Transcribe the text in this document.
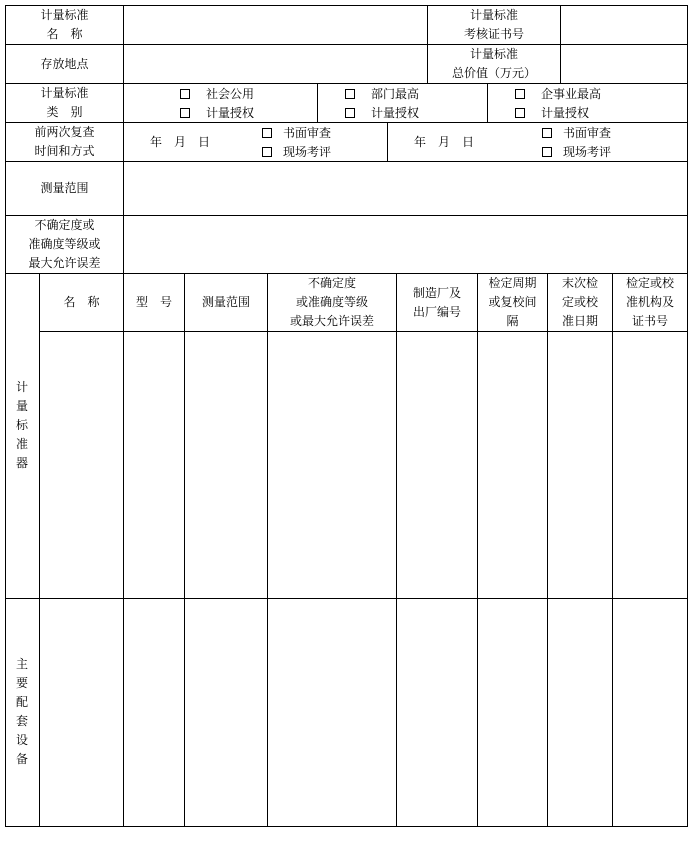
计量标准
名　称
计量标准
考核证书号
存放地点
计量标准
总价值（万元）
计量标准
类　别
社会公用
计量授权
部门最高
计量授权
企事业最高
计量授权
前两次复查
时间和方式
年　月　日
书面审查
现场考评
年　月　日
书面审查
现场考评
测量范围
不确定度或
准确度等级或
最大允许误差
名　称	型　号 测量范围
不确定度
或准确度等级
或最大允许误差
制造厂及
出厂编号
检定周期
或复校间
隔
末次检
定或校
准日期
检定或校
准机构及
证书号
计量标准器
主要配套设备
